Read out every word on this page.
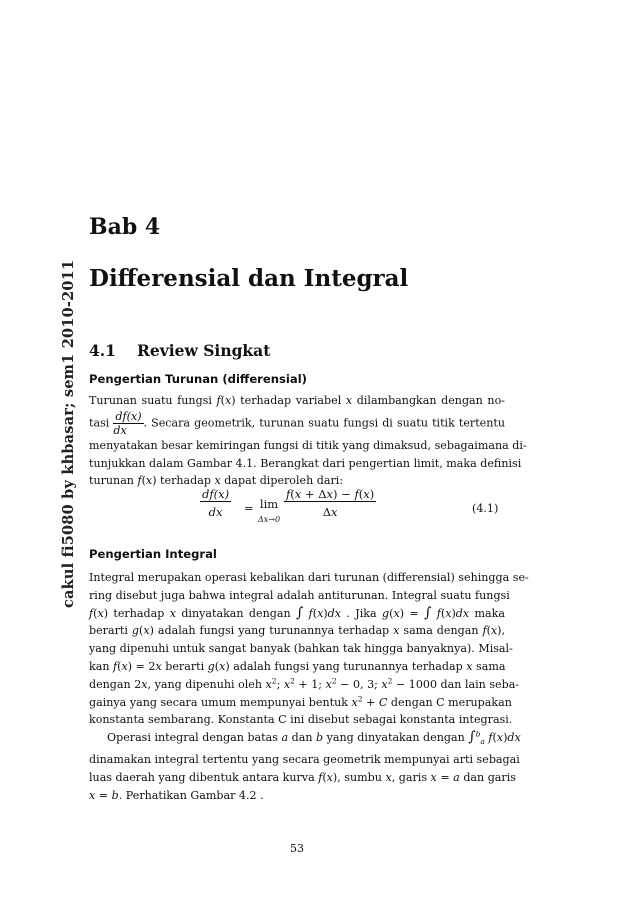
cakul fi5080 by khbasar; sem1 2010-2011
Bab 4
Differensial dan Integral
4.1 Review Singkat
Pengertian Turunan (differensial)
Turunan suatu fungsi f(x) terhadap variabel x dilambangkan dengan no-
tasi $\frac{df(x)}{dx}$ . Secara geometrik, turunan suatu fungsi di suatu titik tertentu
menyatakan besar kemiringan fungsi di titik yang dimaksud, sebagaimana di-
tunjukkan dalam Gambar 4.1. Berangkat dari pengertian limit, maka definisi
turunan f(x) terhadap x dapat diperoleh dari:
$\frac{df(x)}{dx} = \lim$
Δx→0
$\frac{f(x + \Delta x) - f(x)}{\Delta x}$	(4.1)
Pengertian Integral
Integral merupakan operasi kebalikan dari turunan (differensial) sehingga se-
ring disebut juga bahwa integral adalah antiturunan. Integral suatu fungsi
f(x) terhadap x dinyatakan dengan ∫ f(x)dx . Jika g(x) = ∫ f(x)dx maka
berarti g(x) adalah fungsi yang turunannya terhadap x sama dengan f(x),
yang dipenuhi untuk sangat banyak (bahkan tak hingga banyaknya). Misal-
kan f(x) = 2x berarti g(x) adalah fungsi yang turunannya terhadap x sama
dengan 2x, yang dipenuhi oleh $x^2$; $x^2 + 1$; $x^2 - 0$, 3; $x^2 - 1000$ dan lain seba-
gainya yang secara umum mempunyai bentuk $x^2 + C$ dengan C merupakan
konstanta sembarang. Konstanta C ini disebut sebagai konstanta integrasi.
Operasi integral dengan batas a dan b yang dinyatakan dengan ∫$^b_a$ f(x)dx
dinamakan integral tertentu yang secara geometrik mempunyai arti sebagai
luas daerah yang dibentuk antara kurva f(x), sumbu x, garis x = a dan garis
x = b. Perhatikan Gambar 4.2 .
53
